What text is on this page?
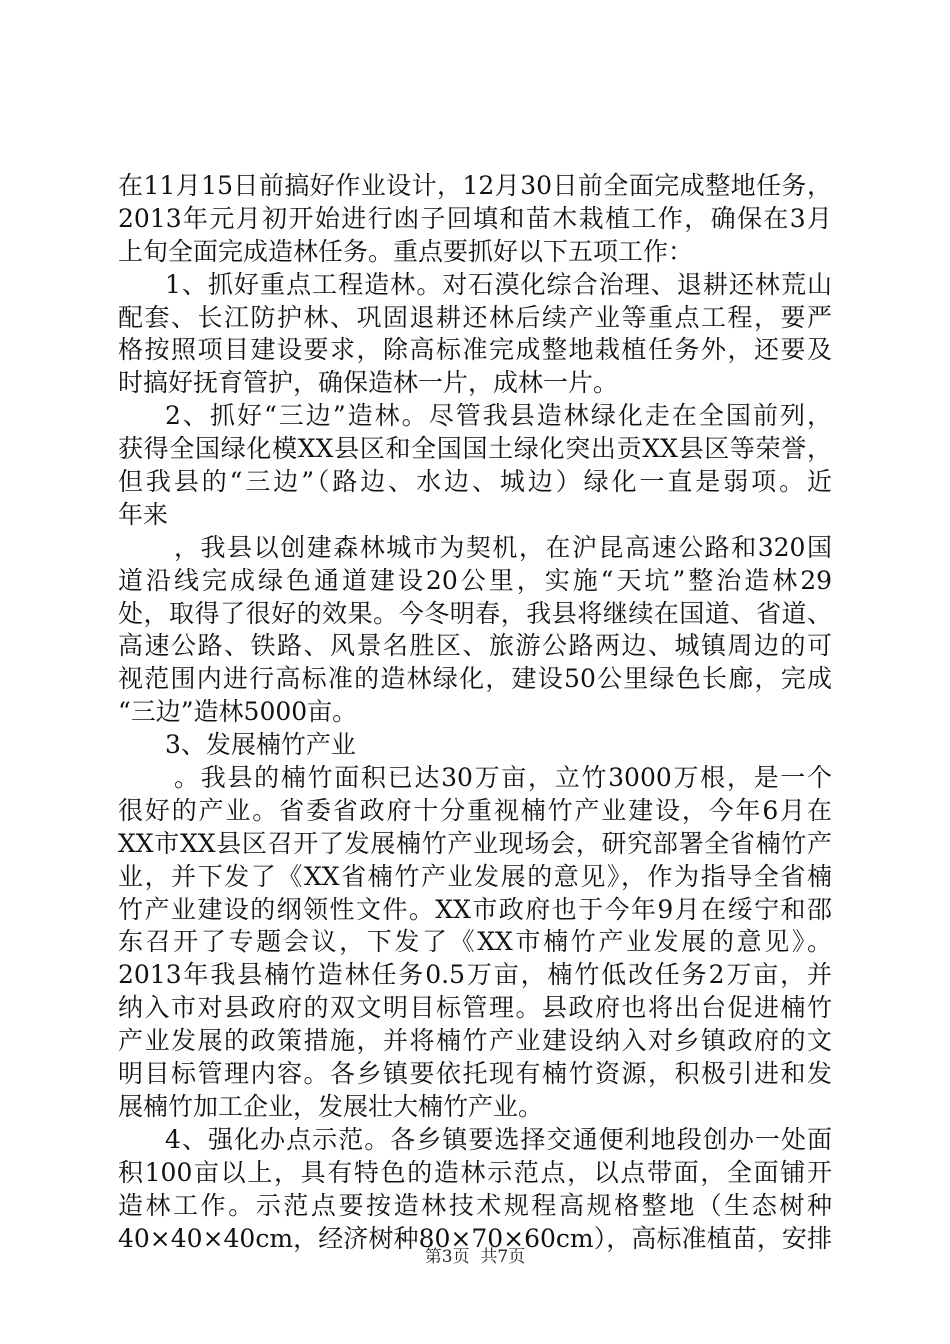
在11月15日前搞好作业设计，12月30日前全面完成整地任务，
2013年元月初开始进行凼子回填和苗木栽植工作，确保在3月
上旬全面完成造林任务。重点要抓好以下五项工作：
1、抓好重点工程造林。对石漠化综合治理、退耕还林荒山
配套、长江防护林、巩固退耕还林后续产业等重点工程，要严
格按照项目建设要求，除高标准完成整地栽植任务外，还要及
时搞好抚育管护，确保造林一片，成林一片。
2、抓好“三边”造林。尽管我县造林绿化走在全国前列，
获得全国绿化模XX县区和全国国土绿化突出贡XX县区等荣誉，
但我县的“三边”（路边、水边、城边）绿化一直是弱项。近
年来
，我县以创建森林城市为契机，在沪昆高速公路和320国
道沿线完成绿色通道建设20公里，实施“天坑”整治造林29
处，取得了很好的效果。今冬明春，我县将继续在国道、省道、
高速公路、铁路、风景名胜区、旅游公路两边、城镇周边的可
视范围内进行高标准的造林绿化，建设50公里绿色长廊，完成
“三边”造林5000亩。
3、发展楠竹产业
。我县的楠竹面积已达30万亩，立竹3000万根，是一个
很好的产业。省委省政府十分重视楠竹产业建设，今年6月在
XX市XX县区召开了发展楠竹产业现场会，研究部署全省楠竹产
业，并下发了《XX省楠竹产业发展的意见》，作为指导全省楠
竹产业建设的纲领性文件。XX市政府也于今年9月在绥宁和邵
东召开了专题会议，下发了《XX市楠竹产业发展的意见》。
2013年我县楠竹造林任务0.5万亩，楠竹低改任务2万亩，并
纳入市对县政府的双文明目标管理。县政府也将出台促进楠竹
产业发展的政策措施，并将楠竹产业建设纳入对乡镇政府的文
明目标管理内容。各乡镇要依托现有楠竹资源，积极引进和发
展楠竹加工企业，发展壮大楠竹产业。
4、强化办点示范。各乡镇要选择交通便利地段创办一处面
积100亩以上，具有特色的造林示范点，以点带面，全面铺开
造林工作。示范点要按造林技术规程高规格整地（生态树种
40×40×40cm，经济树种80×70×60cm），高标准植苗，安排
第3页 共7页
